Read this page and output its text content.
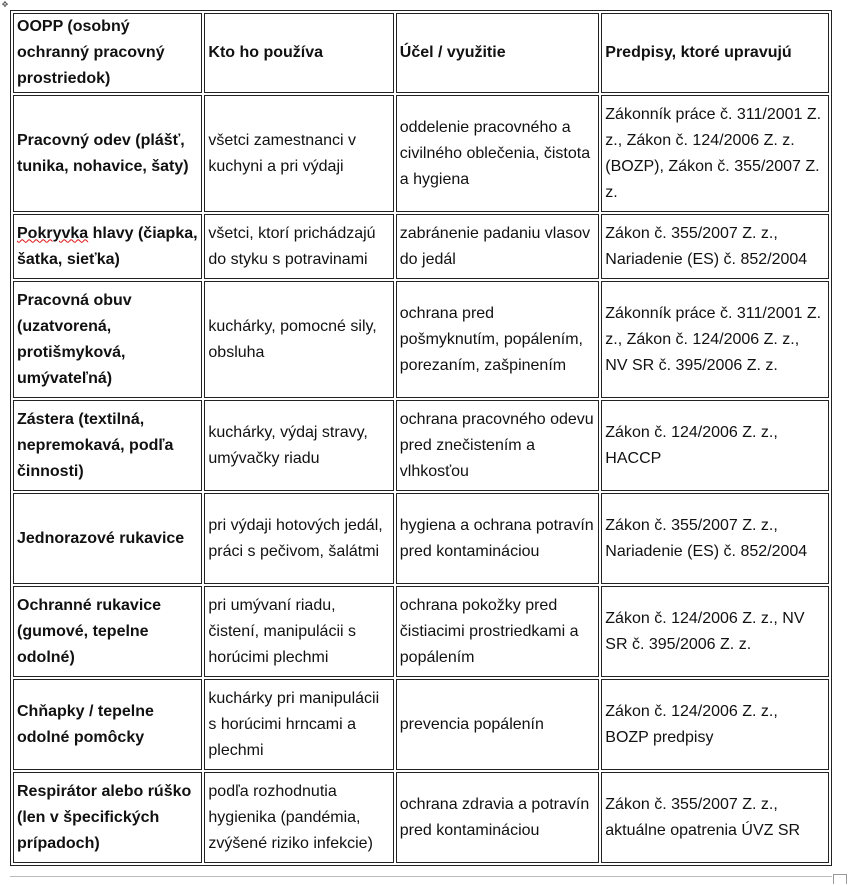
✥
OOPP (osobný ochranný pracovný prostriedok)	Kto ho používa	Účel / využitie	Predpisy, ktoré upravujú
Pracovný odev (plášť, tunika, nohavice, šaty)	všetci zamestnanci v kuchyni a pri výdaji	oddelenie pracovného a civilného oblečenia, čistota a hygiena	Zákonník práce č. 311/2001 Z. z., Zákon č. 124/2006 Z. z. (BOZP), Zákon č. 355/2007 Z. z.
Pokryvka hlavy (čiapka, šatka, sieťka)	všetci, ktorí prichádzajú do styku s potravinami	zabránenie padaniu vlasov do jedál	Zákon č. 355/2007 Z. z., Nariadenie (ES) č. 852/2004
Pracovná obuv (uzatvorená, protišmyková, umývateľná)	kuchárky, pomocné sily, obsluha	ochrana pred pošmyknutím, popálením, porezaním, zašpinením	Zákonník práce č. 311/2001 Z. z., Zákon č. 124/2006 Z. z., NV SR č. 395/2006 Z. z.
Zástera (textilná, nepremokavá, podľa činnosti)	kuchárky, výdaj stravy, umývačky riadu	ochrana pracovného odevu pred znečistením a vlhkosťou	Zákon č. 124/2006 Z. z., HACCP
Jednorazové rukavice	pri výdaji hotových jedál, práci s pečivom, šalátmi	hygiena a ochrana potravín pred kontamináciou	Zákon č. 355/2007 Z. z., Nariadenie (ES) č. 852/2004
Ochranné rukavice (gumové, tepelne odolné)	pri umývaní riadu, čistení, manipulácii s horúcimi plechmi	ochrana pokožky pred čistiacimi prostriedkami a popálením	Zákon č. 124/2006 Z. z., NV SR č. 395/2006 Z. z.
Chňapky / tepelne odolné pomôcky	kuchárky pri manipulácii s horúcimi hrncami a plechmi	prevencia popálenín	Zákon č. 124/2006 Z. z., BOZP predpisy
Respirátor alebo rúško (len v špecifických prípadoch)	podľa rozhodnutia hygienika (pandémia, zvýšené riziko infekcie)	ochrana zdravia a potravín pred kontamináciou	Zákon č. 355/2007 Z. z., aktuálne opatrenia ÚVZ SR
